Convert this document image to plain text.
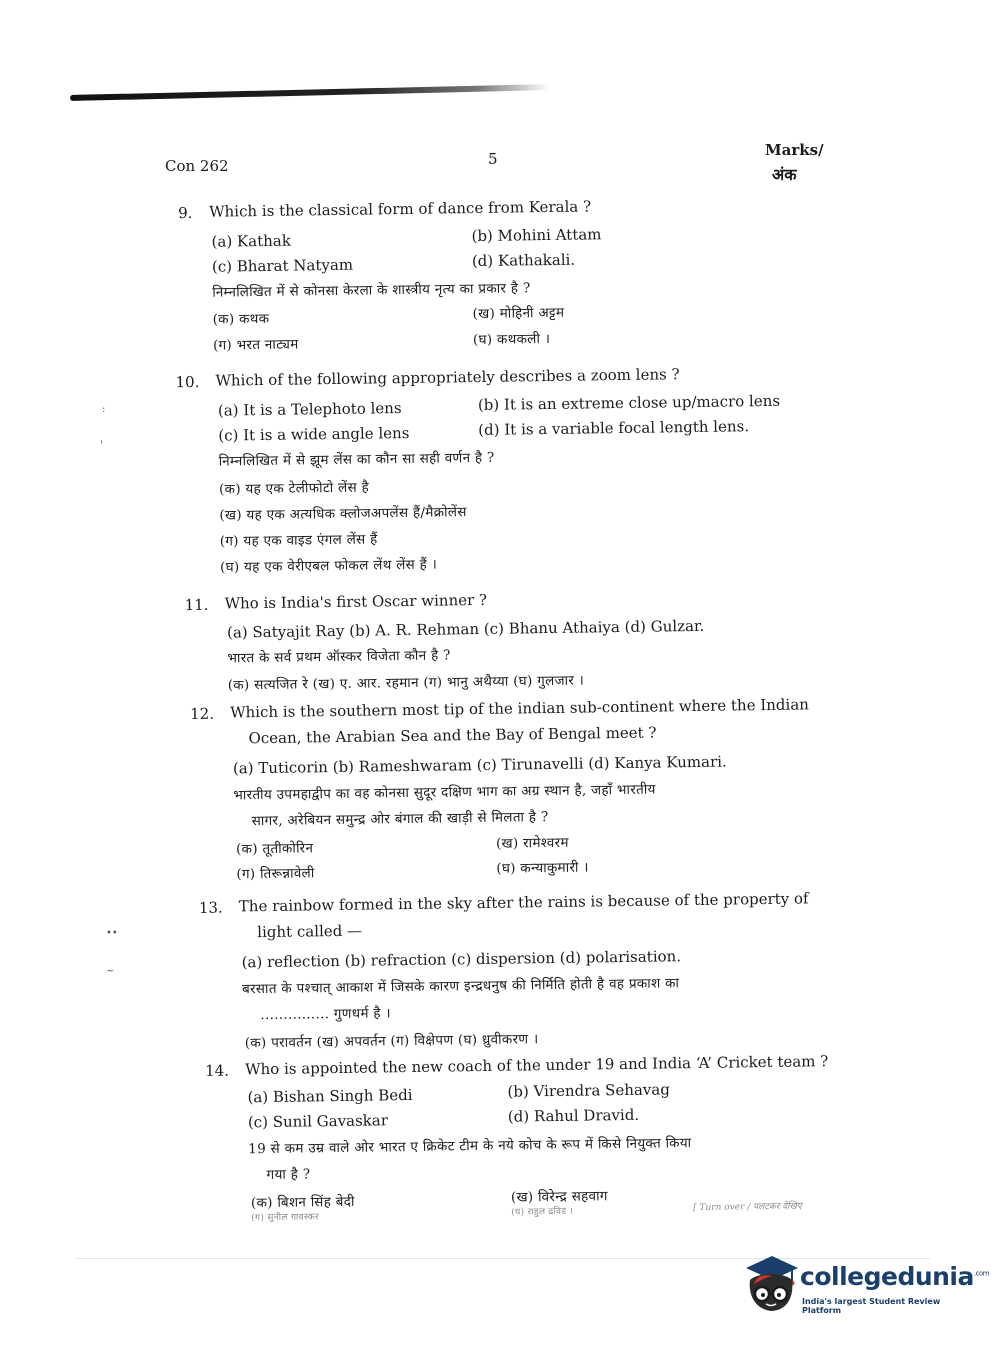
Con 262	5	Marks/
अंक
:
'
••
~
9. Which is the classical form of dance from Kerala ?
(a) Kathak	(b) Mohini Attam
(c) Bharat Natyam	(d) Kathakali.
निम्नलिखित में से कोनसा केरला के शास्त्रीय नृत्य का प्रकार है ?
(क) कथक	(ख) मोहिनी अट्टम
(ग) भरत नाट्यम	(घ) कथकली ।
10. Which of the following appropriately describes a zoom lens ?
(a) It is a Telephoto lens	(b) It is an extreme close up/macro lens
(c) It is a wide angle lens	(d) It is a variable focal length lens.
निम्नलिखित में से झूम लेंस का कौन सा सही वर्णन है ?
(क) यह एक टेलीफोटो लेंस है
(ख) यह एक अत्यधिक क्लोजअपलेंस हैं/मैक्रोलेंस
(ग) यह एक वाइड एंगल लेंस हैं
(घ) यह एक वेरीएबल फोकल लेंथ लेंस हैं ।
11. Who is India's first Oscar winner ?
(a) Satyajit Ray (b) A. R. Rehman (c) Bhanu Athaiya (d) Gulzar.
भारत के सर्व प्रथम ऑस्कर विजेता कौन है ?
(क) सत्यजित रे (ख) ए. आर. रहमान (ग) भानु अथैय्या (घ) गुलजार ।
12. Which is the southern most tip of the indian sub-continent where the Indian
Ocean, the Arabian Sea and the Bay of Bengal meet ?
(a) Tuticorin (b) Rameshwaram (c) Tirunavelli (d) Kanya Kumari.
भारतीय उपमहाद्वीप का वह कोनसा सुदूर दक्षिण भाग का अग्र स्थान है, जहाँ भारतीय
सागर, अरेबियन समुन्द्र ओर बंगाल की खाड़ी से मिलता है ?
(क) तूतीकोरिन	(ख) रामेश्वरम
(ग) तिरून्नावेली	(घ) कन्याकुमारी ।
13. The rainbow formed in the sky after the rains is because of the property of
light called —
(a) reflection (b) refraction (c) dispersion (d) polarisation.
बरसात के पश्चात् आकाश में जिसके कारण इन्द्रधनुष की निर्मिति होती है वह प्रकाश का
............... गुणधर्म है ।
(क) परावर्तन (ख) अपवर्तन (ग) विक्षेपण (घ) ध्रुवीकरण ।
14. Who is appointed the new coach of the under 19 and India ‘A’ Cricket team ?
(a) Bishan Singh Bedi	(b) Virendra Sehavag
(c) Sunil Gavaskar	(d) Rahul Dravid.
19 से कम उम्र वाले ओर भारत ए क्रिकेट टीम के नये कोच के रूप में किसे नियुक्त किया
गया है ?
(क) बिशन सिंह बेदी	(ख) विरेन्द्र सहवाग
(ग) सुनील गावस्कर
(घ) राहुल द्रविड ।	[ Turn over / पलटकर देखिए
collegedunia$^{.com}$
India's largest Student Review Platform
